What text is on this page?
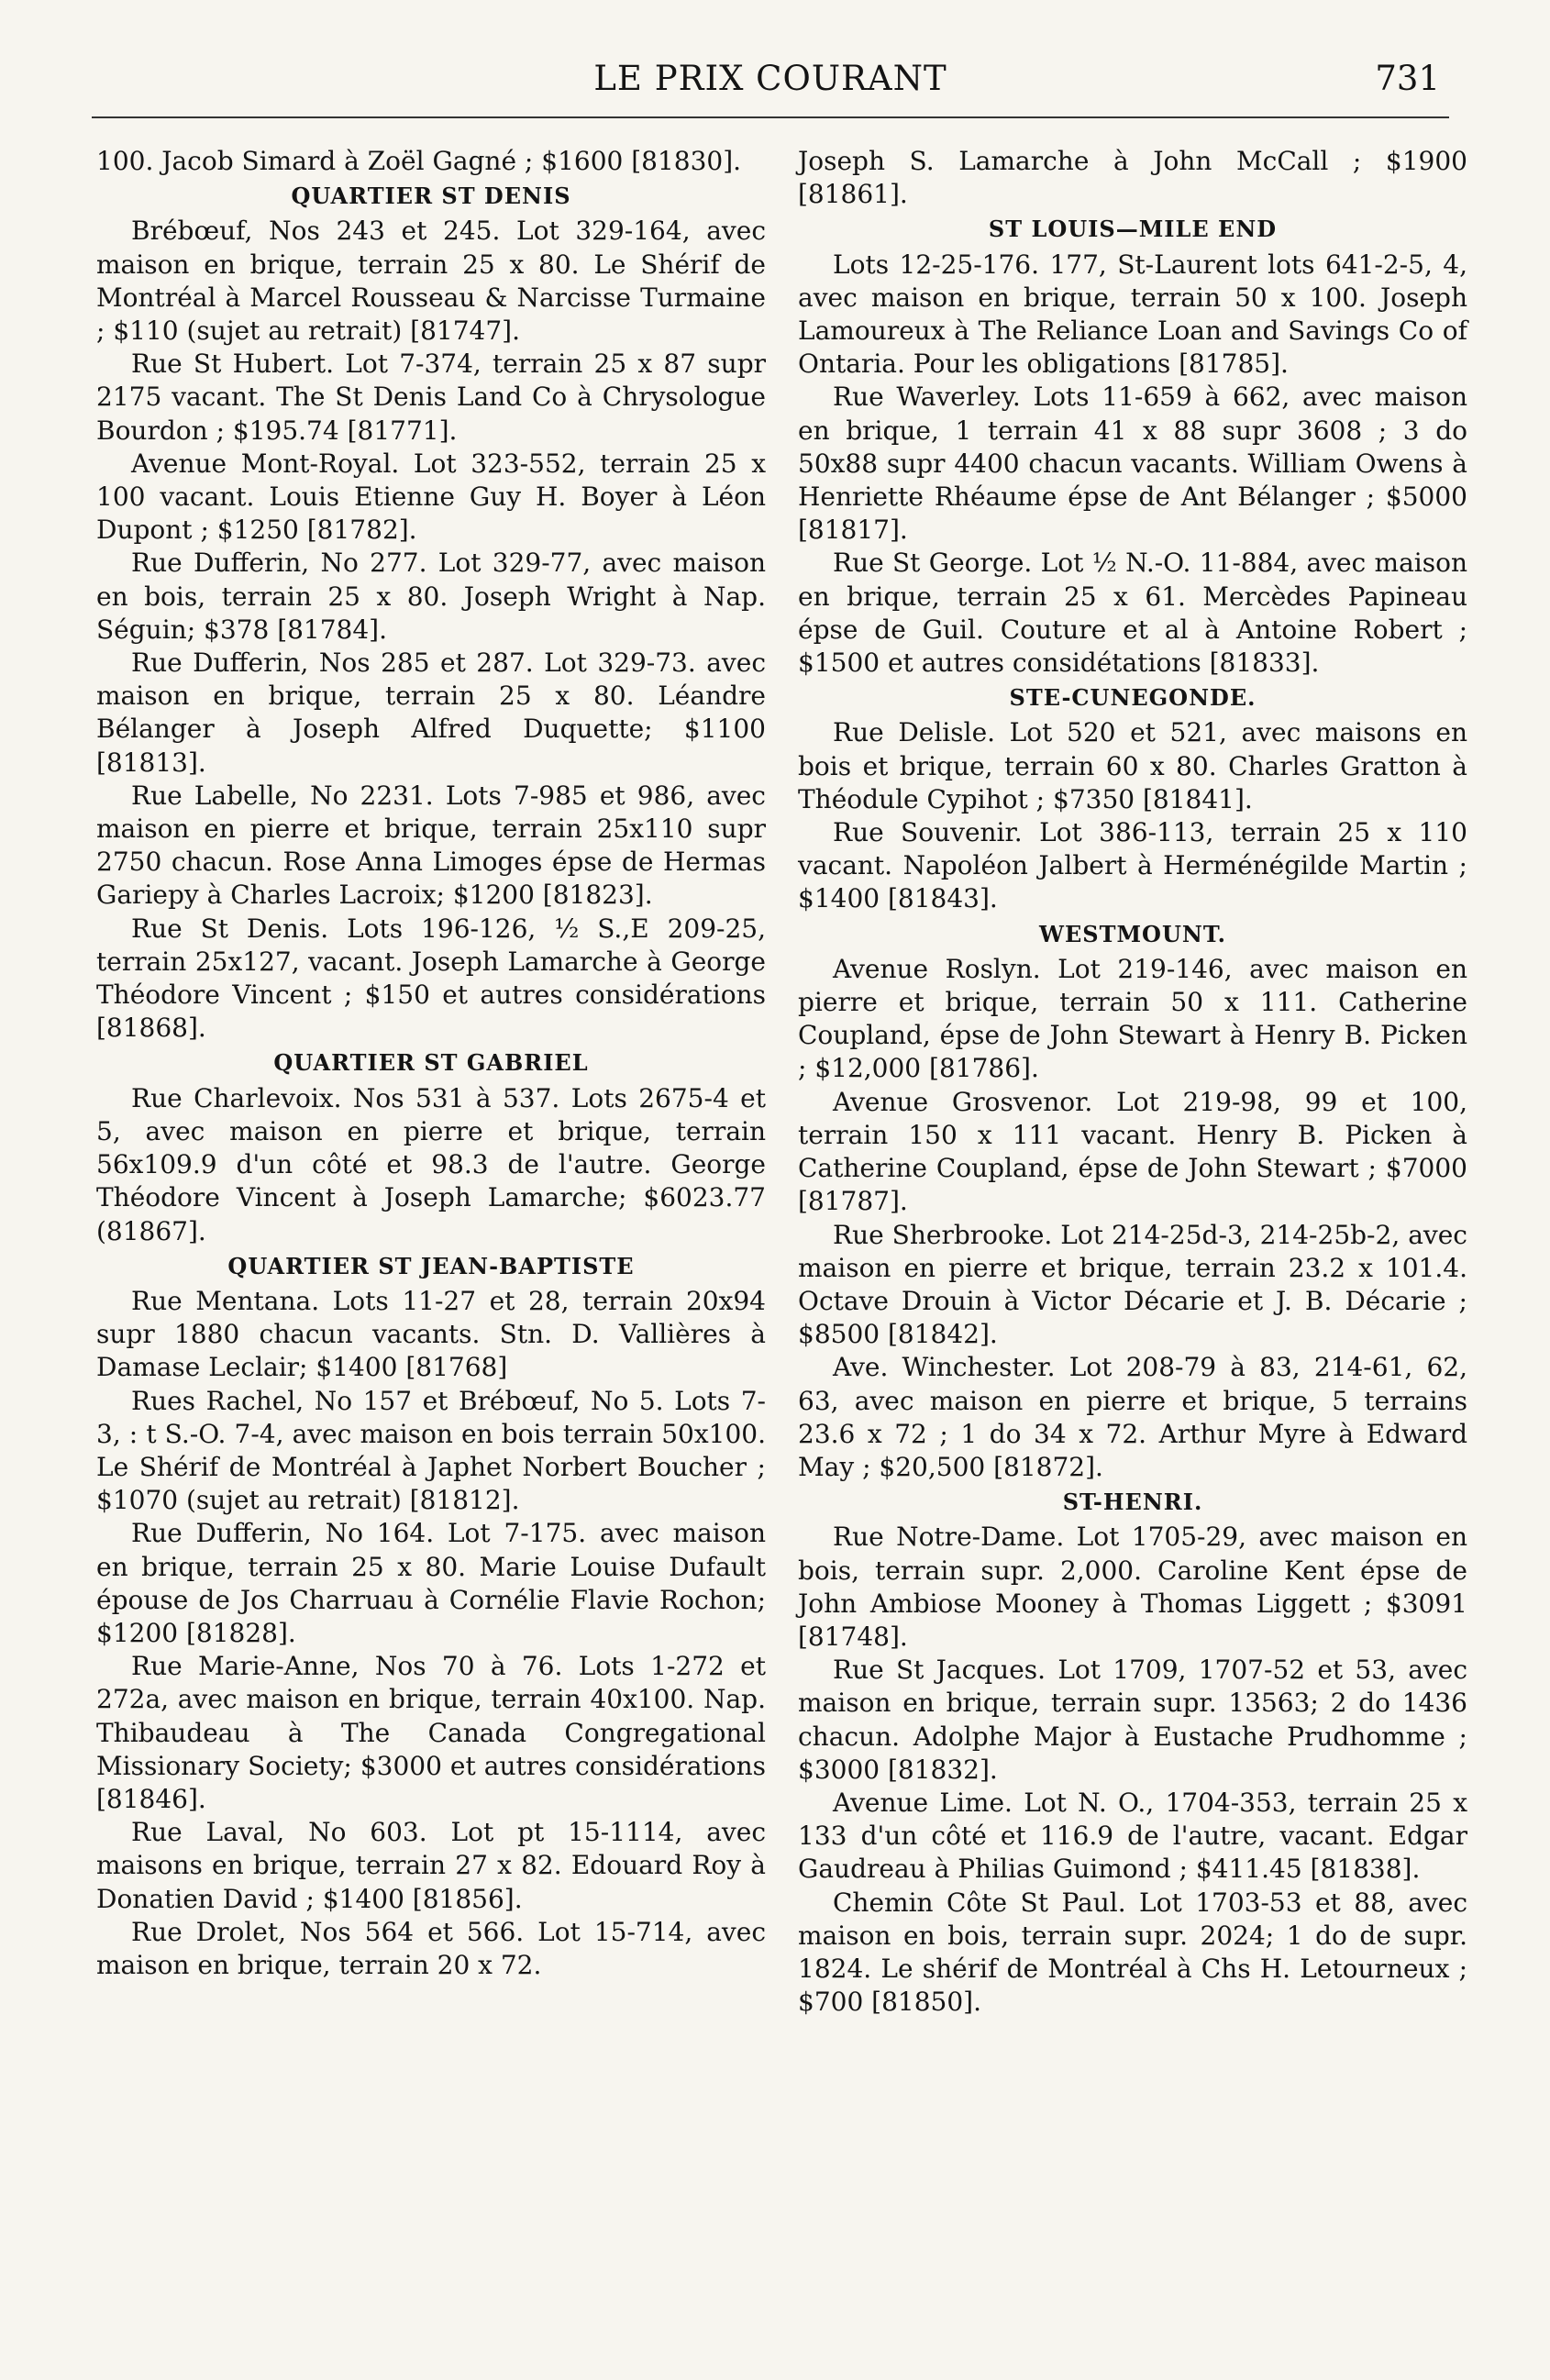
LE PRIX COURANT	731

100. Jacob Simard à Zoël Gagné ; $1600 [81830].

QUARTIER ST DENIS

Brébœuf, Nos 243 et 245. Lot 329-164, avec maison en brique, terrain 25 x 80. Le Shérif de Montréal à Marcel Rousseau & Narcisse Turmaine ; $110 (sujet au retrait) [81747].

Rue St Hubert. Lot 7-374, terrain 25 x 87 supr 2175 vacant. The St Denis Land Co à Chrysologue Bourdon ; $195.74 [81771].

Avenue Mont-Royal. Lot 323-552, terrain 25 x 100 vacant. Louis Etienne Guy H. Boyer à Léon Dupont ; $1250 [81782].

Rue Dufferin, No 277. Lot 329-77, avec maison en bois, terrain 25 x 80. Joseph Wright à Nap. Séguin; $378 [81784].

Rue Dufferin, Nos 285 et 287. Lot 329-73. avec maison en brique, terrain 25 x 80. Léandre Bélanger à Joseph Alfred Duquette; $1100 [81813].

Rue Labelle, No 2231. Lots 7-985 et 986, avec maison en pierre et brique, terrain 25x110 supr 2750 chacun. Rose Anna Limoges épse de Hermas Gariepy à Charles Lacroix; $1200 [81823].

Rue St Denis. Lots 196-126, ½ S.,E 209-25, terrain 25x127, vacant. Joseph Lamarche à George Théodore Vincent ; $150 et autres considérations [81868].

QUARTIER ST GABRIEL

Rue Charlevoix. Nos 531 à 537. Lots 2675-4 et 5, avec maison en pierre et brique, terrain 56x109.9 d'un côté et 98.3 de l'autre. George Théodore Vincent à Joseph Lamarche; $6023.77 (81867].

QUARTIER ST JEAN-BAPTISTE

Rue Mentana. Lots 11-27 et 28, terrain 20x94 supr 1880 chacun vacants. Stn. D. Vallières à Damase Leclair; $1400 [81768]

Rues Rachel, No 157 et Brébœuf, No 5. Lots 7-3, : t S.-O. 7-4, avec maison en bois terrain 50x100. Le Shérif de Montréal à Japhet Norbert Boucher ; $1070 (sujet au retrait) [81812].

Rue Dufferin, No 164. Lot 7-175. avec maison en brique, terrain 25 x 80. Marie Louise Dufault épouse de Jos Charruau à Cornélie Flavie Rochon; $1200 [81828].

Rue Marie-Anne, Nos 70 à 76. Lots 1-272 et 272a, avec maison en brique, terrain 40x100. Nap. Thibaudeau à The Canada Congregational Missionary Society; $3000 et autres considérations [81846].

Rue Laval, No 603. Lot pt 15-1114, avec maisons en brique, terrain 27 x 82. Edouard Roy à Donatien David ; $1400 [81856].

Rue Drolet, Nos 564 et 566. Lot 15-714, avec maison en brique, terrain 20 x 72.

Joseph S. Lamarche à John McCall ; $1900 [81861].

ST LOUIS—MILE END

Lots 12-25-176. 177, St-Laurent lots 641-2-5, 4, avec maison en brique, terrain 50 x 100. Joseph Lamoureux à The Reliance Loan and Savings Co of Ontaria. Pour les obligations [81785].

Rue Waverley. Lots 11-659 à 662, avec maison en brique, 1 terrain 41 x 88 supr 3608 ; 3 do 50x88 supr 4400 chacun vacants. William Owens à Henriette Rhéaume épse de Ant Bélanger ; $5000 [81817].

Rue St George. Lot ½ N.-O. 11-884, avec maison en brique, terrain 25 x 61. Mercèdes Papineau épse de Guil. Couture et al à Antoine Robert ; $1500 et autres considétations [81833].

STE-CUNEGONDE.

Rue Delisle. Lot 520 et 521, avec maisons en bois et brique, terrain 60 x 80. Charles Gratton à Théodule Cypihot ; $7350 [81841].

Rue Souvenir. Lot 386-113, terrain 25 x 110 vacant. Napoléon Jalbert à Herménégilde Martin ; $1400 [81843].

WESTMOUNT.

Avenue Roslyn. Lot 219-146, avec maison en pierre et brique, terrain 50 x 111. Catherine Coupland, épse de John Stewart à Henry B. Picken ; $12,000 [81786].

Avenue Grosvenor. Lot 219-98, 99 et 100, terrain 150 x 111 vacant. Henry B. Picken à Catherine Coupland, épse de John Stewart ; $7000 [81787].

Rue Sherbrooke. Lot 214-25d-3, 214-25b-2, avec maison en pierre et brique, terrain 23.2 x 101.4. Octave Drouin à Victor Décarie et J. B. Décarie ; $8500 [81842].

Ave. Winchester. Lot 208-79 à 83, 214-61, 62, 63, avec maison en pierre et brique, 5 terrains 23.6 x 72 ; 1 do 34 x 72. Arthur Myre à Edward May ; $20,500 [81872].

ST-HENRI.

Rue Notre-Dame. Lot 1705-29, avec maison en bois, terrain supr. 2,000. Caroline Kent épse de John Ambiose Mooney à Thomas Liggett ; $3091 [81748].

Rue St Jacques. Lot 1709, 1707-52 et 53, avec maison en brique, terrain supr. 13563; 2 do 1436 chacun. Adolphe Major à Eustache Prudhomme ; $3000 [81832].

Avenue Lime. Lot N. O., 1704-353, terrain 25 x 133 d'un côté et 116.9 de l'autre, vacant. Edgar Gaudreau à Philias Guimond ; $411.45 [81838].

Chemin Côte St Paul. Lot 1703-53 et 88, avec maison en bois, terrain supr. 2024; 1 do de supr. 1824. Le shérif de Montréal à Chs H. Letourneux ; $700 [81850].
